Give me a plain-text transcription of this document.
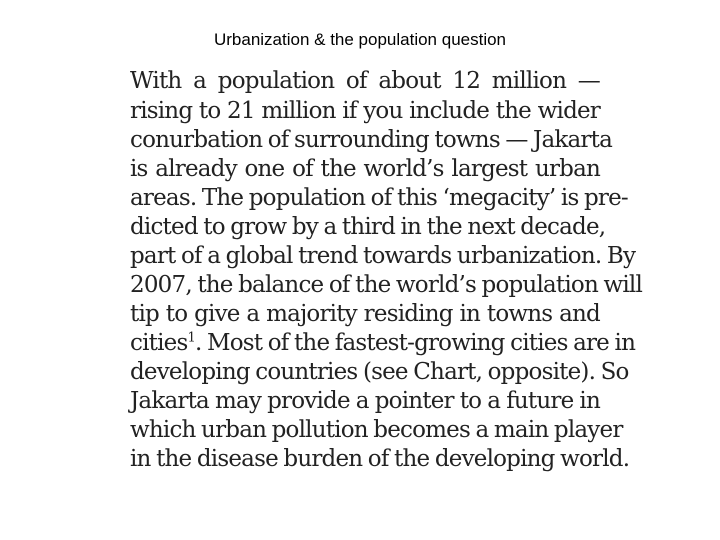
Urbanization & the population question
With a population of about 12 million —
rising to 21 million if you include the wider
conurbation of surrounding towns — Jakarta
is already one of the world’s largest urban
areas. The population of this ‘megacity’ is pre-
dicted to grow by a third in the next decade,
part of a global trend towards urbanization. By
2007, the balance of the world’s population will
tip to give a majority residing in towns and
cities$^1$. Most of the fastest-growing cities are in
developing countries (see Chart, opposite). So
Jakarta may provide a pointer to a future in
which urban pollution becomes a main player
in the disease burden of the developing world.
